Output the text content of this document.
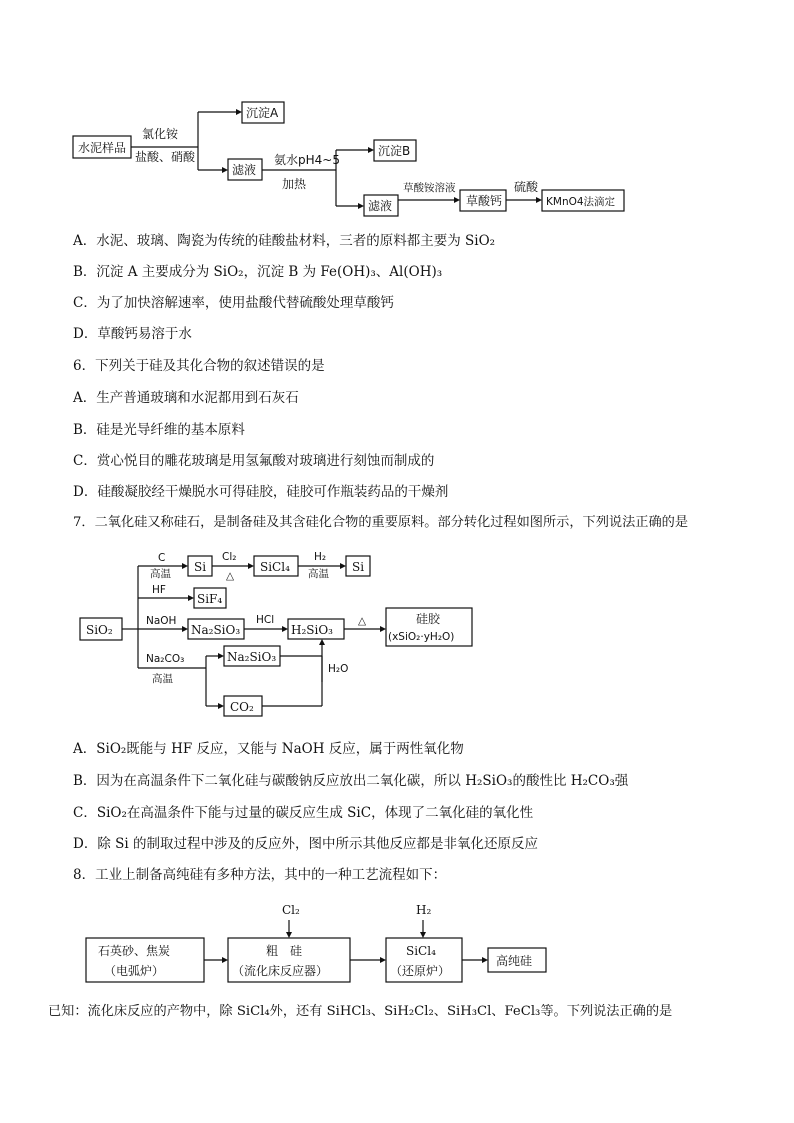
水泥样品
氯化铵
盐酸、硝酸
沉淀A
滤液
氨水pH4~5
加热
沉淀B
滤液
草酸铵溶液
草酸钙
硫酸
KMnO4法滴定
A．水泥、玻璃、陶瓷为传统的硅酸盐材料，三者的原料都主要为 SiO₂
B．沉淀 A 主要成分为 SiO₂，沉淀 B 为 Fe(OH)₃、Al(OH)₃
C．为了加快溶解速率，使用盐酸代替硫酸处理草酸钙
D．草酸钙易溶于水
6．下列关于硅及其化合物的叙述错误的是
A．生产普通玻璃和水泥都用到石灰石
B．硅是光导纤维的基本原料
C．赏心悦目的雕花玻璃是用氢氟酸对玻璃进行刻蚀而制成的
D．硅酸凝胶经干燥脱水可得硅胶，硅胶可作瓶装药品的干燥剂
7．二氧化硅又称硅石，是制备硅及其含硅化合物的重要原料。部分转化过程如图所示，下列说法正确的是
SiO₂
C
高温 Si
Cl₂
△
SiCl₄
H₂
高温 Si
HF
SiF₄
NaOH
Na₂SiO₃
HCl
H₂SiO₃
△	硅胶
(xSiO₂·yH₂O)
Na₂CO₃
高温
Na₂SiO₃
CO₂
H₂O
A．SiO₂既能与 HF 反应，又能与 NaOH 反应，属于两性氧化物
B．因为在高温条件下二氧化硅与碳酸钠反应放出二氧化碳，所以 H₂SiO₃的酸性比 H₂CO₃强
C．SiO₂在高温条件下能与过量的碳反应生成 SiC，体现了二氧化硅的氧化性
D．除 Si 的制取过程中涉及的反应外，图中所示其他反应都是非氧化还原反应
8．工业上制备高纯硅有多种方法，其中的一种工艺流程如下：
石英砂、焦炭
（电弧炉）
Cl₂
粗　硅
（流化床反应器）
H₂
SiCl₄
（还原炉）
高纯硅
已知：流化床反应的产物中，除 SiCl₄外，还有 SiHCl₃、SiH₂Cl₂、SiH₃Cl、FeCl₃等。下列说法正确的是
